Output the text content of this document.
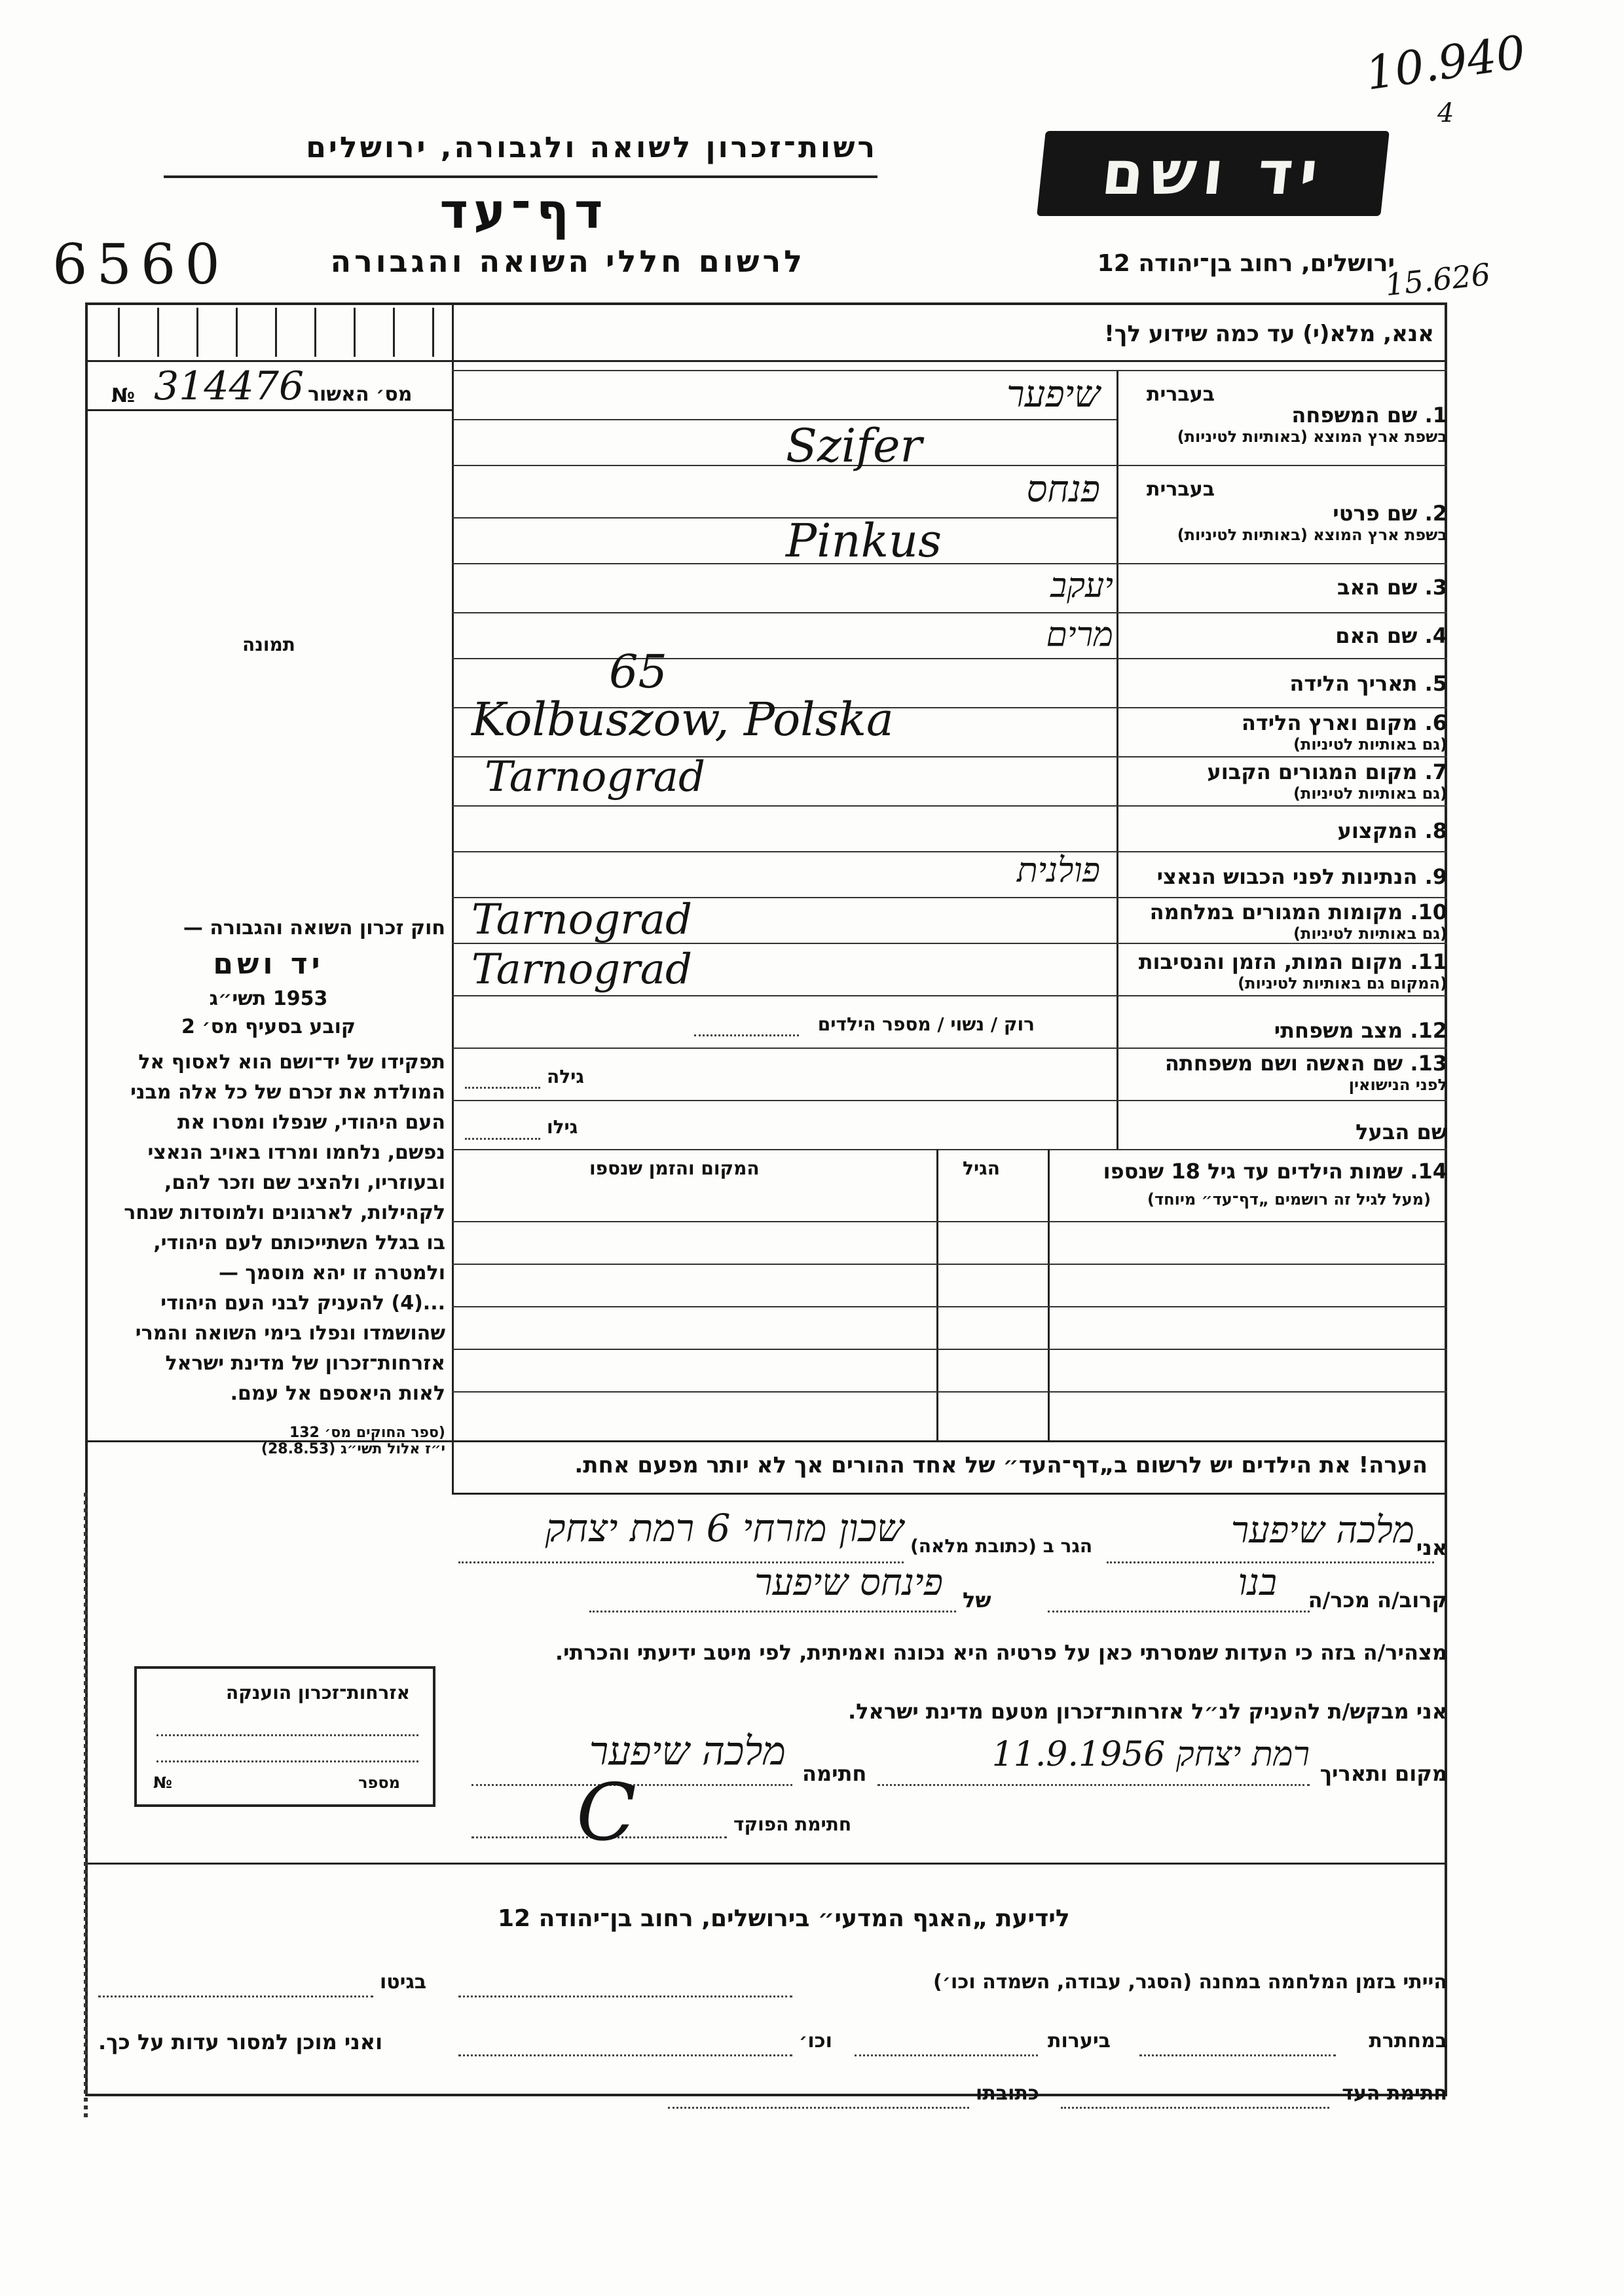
10.940
4
15.626
6560
רשות־זכרון לשואה ולגבורה, ירושלים
דף־עד
לרשום חללי השואה והגבורה
יד ושם
ירושלים, רחוב בן־יהודה 12
אנא, מלא(י) עד כמה שידוע לך!
מס׳ האשור
№ 314476
תמונה
בעברית
בעברית
1. שם המשפחה
בשפת ארץ המוצא (באותיות לטיניות)
2. שם פרטי
בשפת ארץ המוצא (באותיות לטיניות)
3. שם האב
4. שם האם
5. תאריך הלידה
6. מקום וארץ הלידה
(גם באותיות לטיניות)
7. מקום המגורים הקבוע
(גם באותיות לטיניות)
8. המקצוע
9. הנתינות לפני הכבוש הנאצי
10. מקומות המגורים במלחמה
(גם באותיות לטיניות)
11. מקום המות, הזמן והנסיבות
(המקום גם באותיות לטיניות)
12. מצב משפחתי
13. שם האשה ושם משפחתה
לפני הנישואין
שם הבעל
שיפער
Szifer
פנחס
Pinkus
יעקב
מרים
65
Kolbuszow, Polska
Tarnograd
פולנית
Tarnograd
Tarnograd
רוק / נשוי / מספר הילדים
גילה
גילו
14. שמות הילדים עד גיל 18 שנספו
(מעל לגיל זה רושמים „דף־עד״ מיוחד)
הגיל
המקום והזמן שנספו
חוק זכרון השואה והגבורה —
יד ושם
1953 תשי״ג
קובע בסעיף מס׳ 2
תפקידו של יד־ושם הוא לאסוף אל
המולדת את זכרם של כל אלה מבני
העם היהודי, שנפלו ומסרו את
נפשם, נלחמו ומרדו באויב הנאצי
ובעוזריו, ולהציב שם וזכר להם,
לקהילות, לארגונים ולמוסדות שנחר
בו בגלל השתייכותם לעם היהודי,
ולמטרה זו יהא מוסמך —
...(4) להעניק לבני העם היהודי
שהושמדו ונפלו בימי השואה והמרי
אזרחות־זכרון של מדינת ישראל
לאות היאספם אל עמם.
(ספר החוקים מס׳ 132
י״ז אלול תשי״ג (28.8.53)
הערה! את הילדים יש לרשום ב„דף־העד״ של אחד ההורים אך לא יותר מפעם אחת.
אני
מלכה שיפער
הגר ב (כתובת מלאה)
שכון מזרחי 6 רמת יצחק
קרוב/ה מכר/ה
בנו
של
פינחס שיפער
מצהיר/ה בזה כי העדות שמסרתי כאן על פרטיה היא נכונה ואמיתית, לפי מיטב ידיעתי והכרתי.
אני מבקש/ת להעניק לנ״ל אזרחות־זכרון מטעם מדינת ישראל.
מקום ותאריך
רמת יצחק 11.9.1956
חתימה
מלכה שיפער
חתימת הפוקד
C
אזרחות־זכרון הוענקה
מספר
№
לידיעת „האגף המדעי״ בירושלים, רחוב בן־יהודה 12
הייתי בזמן המלחמה במחנה (הסגר, עבודה, השמדה וכו׳)
בגיטו
במחתרת
ביערות
וכו׳
ואני מוכן למסור עדות על כך.
חתימת העד
כתובתו
